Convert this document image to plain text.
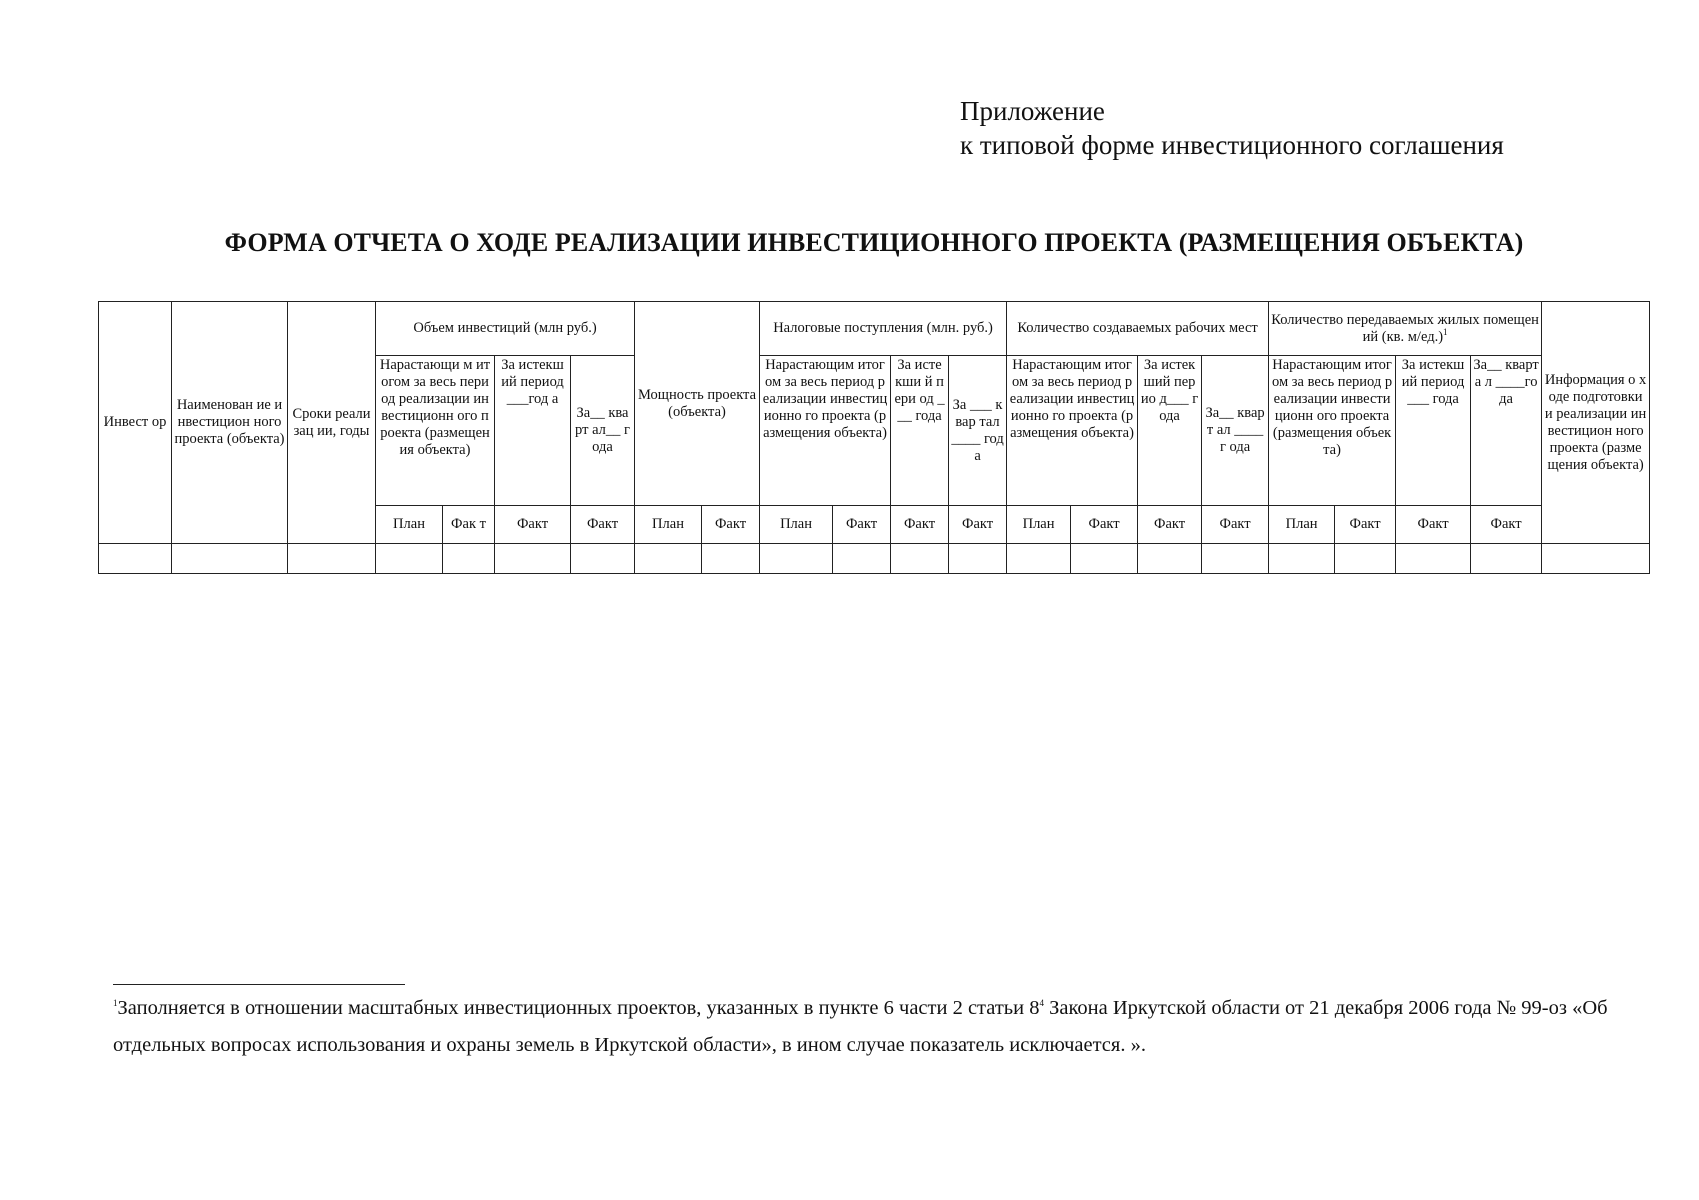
Приложение
к типовой форме инвестиционного соглашения
ФОРМА ОТЧЕТА О ХОДЕ РЕАЛИЗАЦИИ ИНВЕСТИЦИОННОГО ПРОЕКТА (РАЗМЕЩЕНИЯ ОБЪЕКТА)
Инвест ор	Наименован ие инвестицион ного проекта (объекта)	Сроки реализац ии, годы	Объем инвестиций (млн руб.)				Мощность проекта (объекта)		Налоговые поступления (млн. руб.)				Количество создаваемых рабочих мест				Количество передаваемых жилых помещений (кв. м/ед.)$^1$				Информация о ходе подготовки и реализации инвестицион ного проекта (размещения объекта)
			Нарастающи м итогом за весь период реализации инвестиционн ого проекта (размещения объекта)		За истекш ий период ___год а	За__ кварт ал__ года			Нарастающим итогом за весь период реализации инвестиционно го проекта (размещения объекта)		За исте кши й пери од ___ года	За ___ квар тал ____ года	Нарастающим итогом за весь период реализации инвестиционно го проекта (размещения объекта)		За истек ший перио д___ года	За__ кварт ал ____г ода	Нарастающим итогом за весь период реализации инвестиционн ого проекта (размещения объекта)		За истекш ий период ___ года	За__ кварта л ____го да	
			План	Фак т	Факт	Факт	План	Факт	План	Факт	Факт	Факт	План	Факт	Факт	Факт	План	Факт	Факт	Факт	

$^1$Заполняется в отношении масштабных инвестиционных проектов, указанных в пункте 6 части 2 статьи $8^4$ Закона Иркутской области от 21 декабря 2006 года № 99-оз «Об отдельных вопросах использования и охраны земель в Иркутской области», в ином случае показатель исключается. ».
